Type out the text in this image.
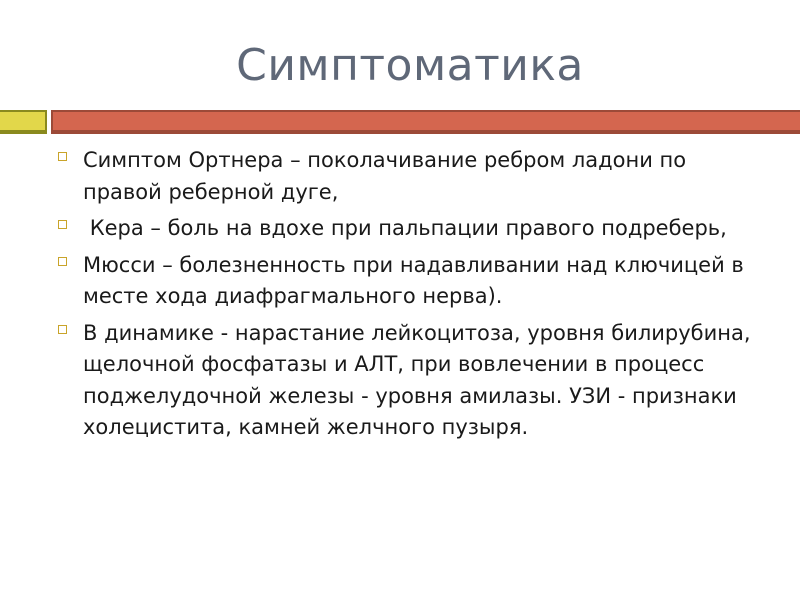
Симптоматика
Симптом Ортнера – поколачивание ребром ладони по правой реберной дуге,
Кера – боль на вдохе при пальпации правого подреберь,
Мюсси – болезненность при надавливании над ключицей в месте хода диафрагмального нерва).
В динамике - нарастание лейкоцитоза, уровня билирубина, щелочной фосфатазы и АЛТ, при вовлечении в процесс поджелудочной железы - уровня амилазы. УЗИ - признаки холецистита, камней желчного пузыря.
